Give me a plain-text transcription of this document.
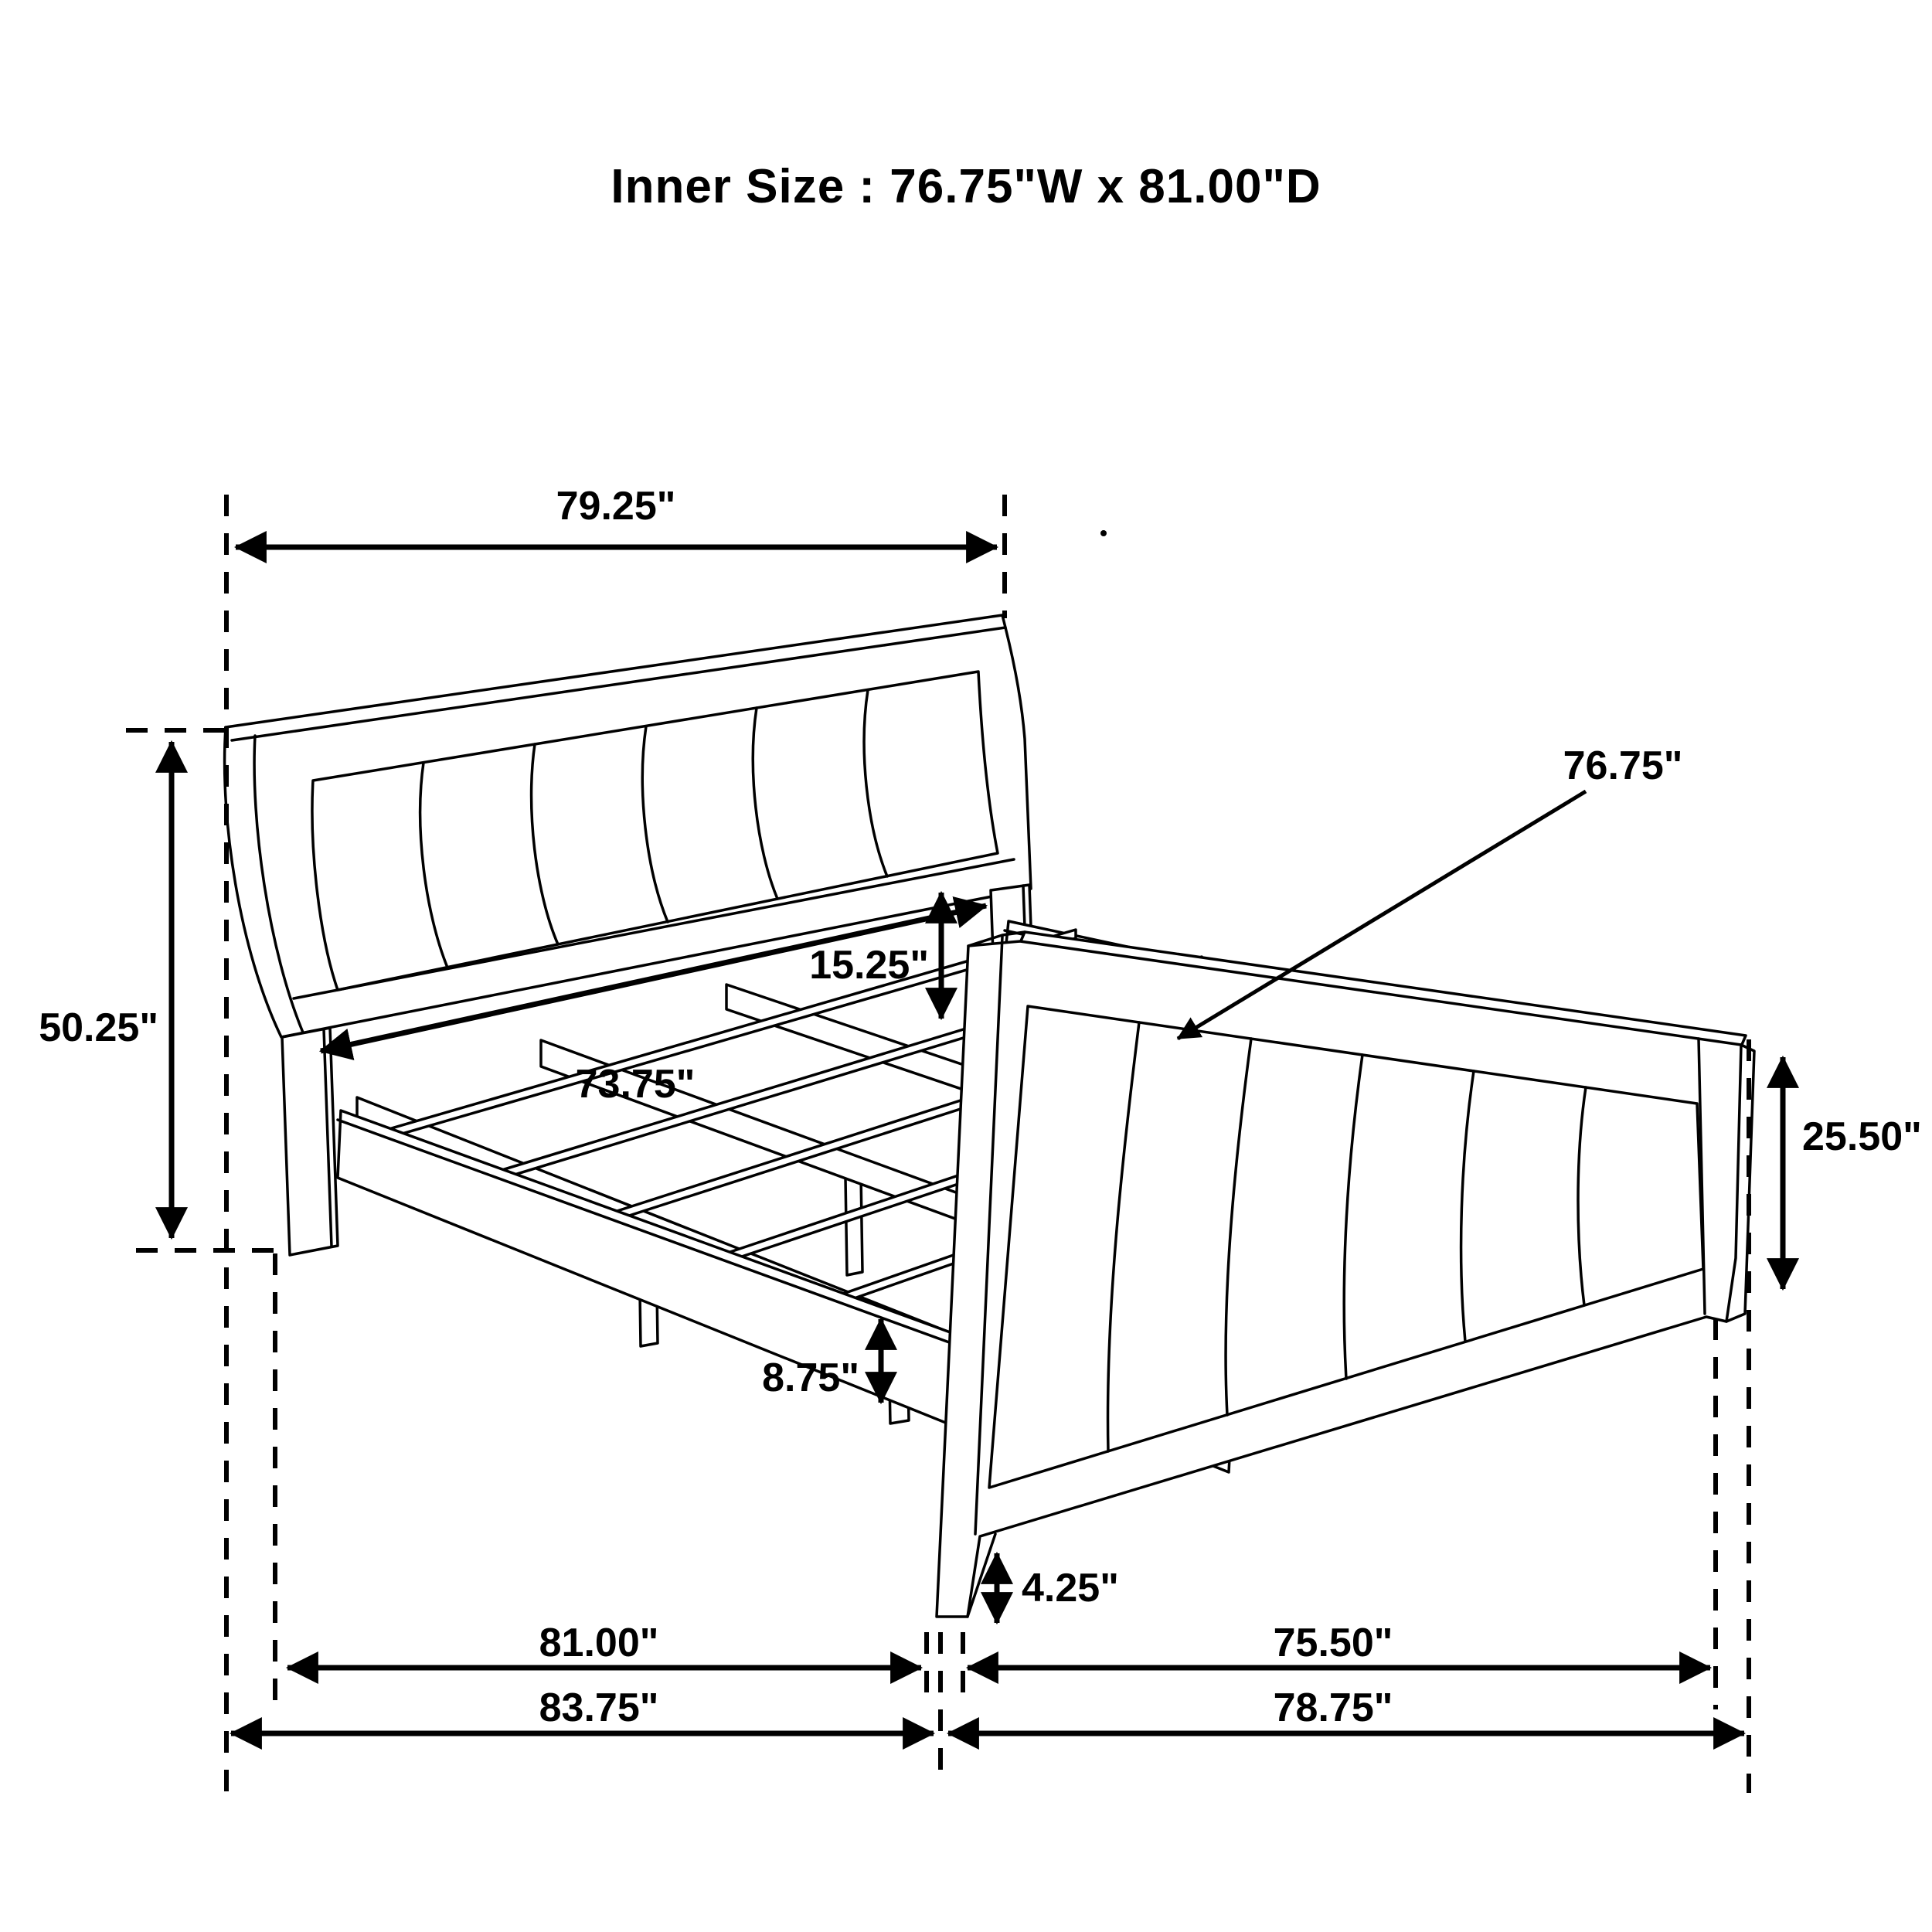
Inner Size : 76.75"W x 81.00"D
79.25"
50.25"
73.75"
15.25"
76.75"
25.50"
8.75"
4.25"
81.00"	75.50"
83.75"	78.75"
